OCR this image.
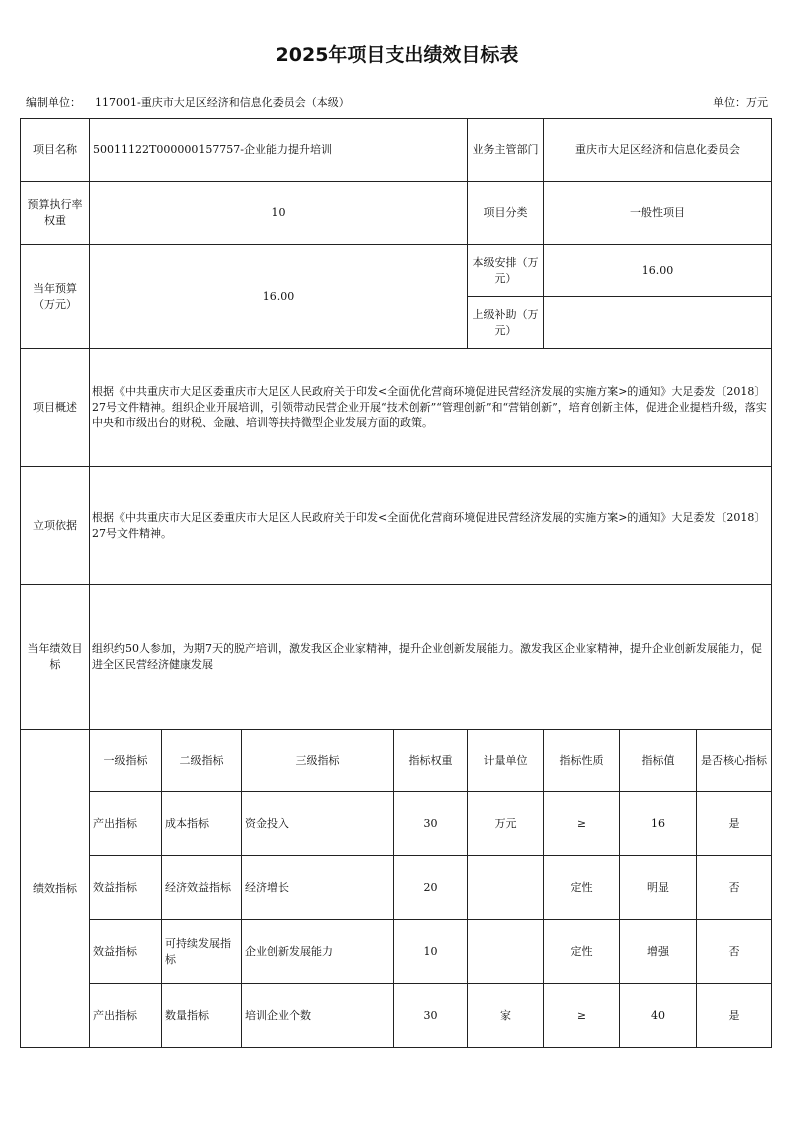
2025年项目支出绩效目标表
编制单位： 117001-重庆市大足区经济和信息化委员会（本级）	单位：万元
项目名称	50011122T000000157757-企业能力提升培训				业务主管部门	重庆市大足区经济和信息化委员会		
预算执行率权重	10				项目分类	一般性项目		
当年预算（万元）	16.00				本级安排（万元）	16.00		
					上级补助（万元）			
项目概述	根据《中共重庆市大足区委重庆市大足区人民政府关于印发<全面优化营商环境促进民营经济发展的实施方案>的通知》大足委发〔2018〕27号文件精神。组织企业开展培训，引领带动民营企业开展“技术创新”“管理创新”和“营销创新”，培育创新主体，促进企业提档升级，落实中央和市级出台的财税、金融、培训等扶持微型企业发展方面的政策。							
立项依据	根据《中共重庆市大足区委重庆市大足区人民政府关于印发<全面优化营商环境促进民营经济发展的实施方案>的通知》大足委发〔2018〕27号文件精神。							
当年绩效目标	组织约50人参加，为期7天的脱产培训，激发我区企业家精神，提升企业创新发展能力。激发我区企业家精神，提升企业创新发展能力，促进全区民营经济健康发展							
绩效指标	一级指标	二级指标	三级指标	指标权重	计量单位	指标性质	指标值	是否核心指标
	产出指标	成本指标	资金投入	30	万元	≥	16	是
	效益指标	经济效益指标	经济增长	20		定性	明显	否
	效益指标	可持续发展指标	企业创新发展能力	10		定性	增强	否
	产出指标	数量指标	培训企业个数	30	家	≥	40	是
